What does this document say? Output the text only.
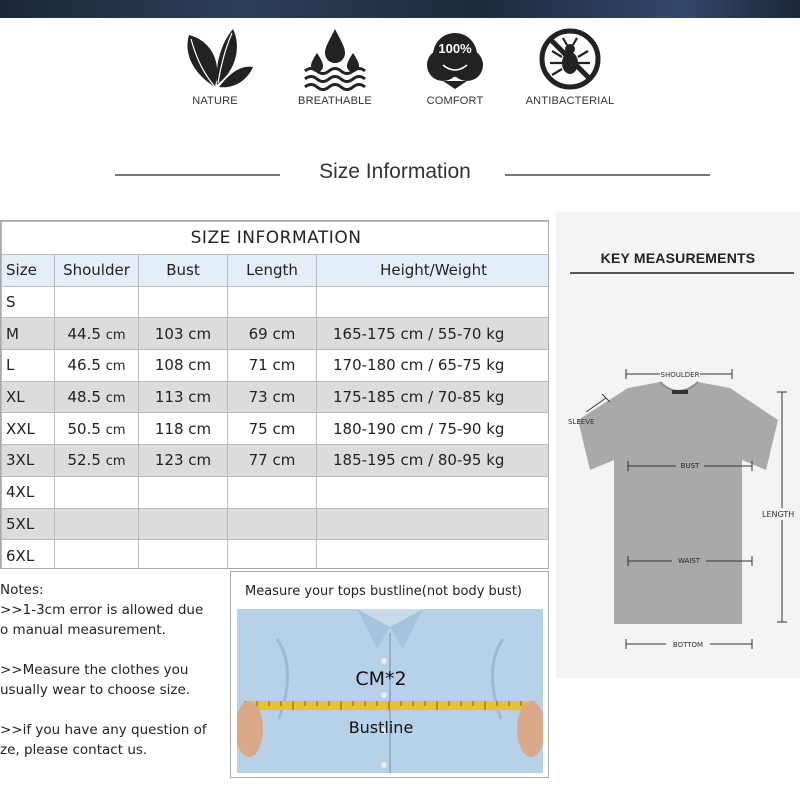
NATURE	BREATHABLE
100%
COMFORT	ANTIBACTERIAL
Size Information
SIZE INFORMATION				
Size	Shoulder	Bust	Length	Height/Weight
S				
M	44.5 cm	103 cm	69 cm	165-175 cm / 55-70 kg
L	46.5 cm	108 cm	71 cm	170-180 cm / 65-75 kg
XL	48.5 cm	113 cm	73 cm	175-185 cm / 70-85 kg
XXL	50.5 cm	118 cm	75 cm	180-190 cm / 75-90 kg
3XL	52.5 cm	123 cm	77 cm	185-195 cm / 80-95 kg
4XL				
5XL				
6XL				

Notes:

>>1-3cm error is allowed due

o manual measurement.

>>Measure the clothes you

usually wear to choose size.

>>if you have any question of

ze, please contact us.

Measure your tops bustline(not body bust)
CM*2
Bustline
KEY MEASUREMENTS
SHOULDER
SLEEVE
BUST
WAIST
BOTTOM
LENGTH
